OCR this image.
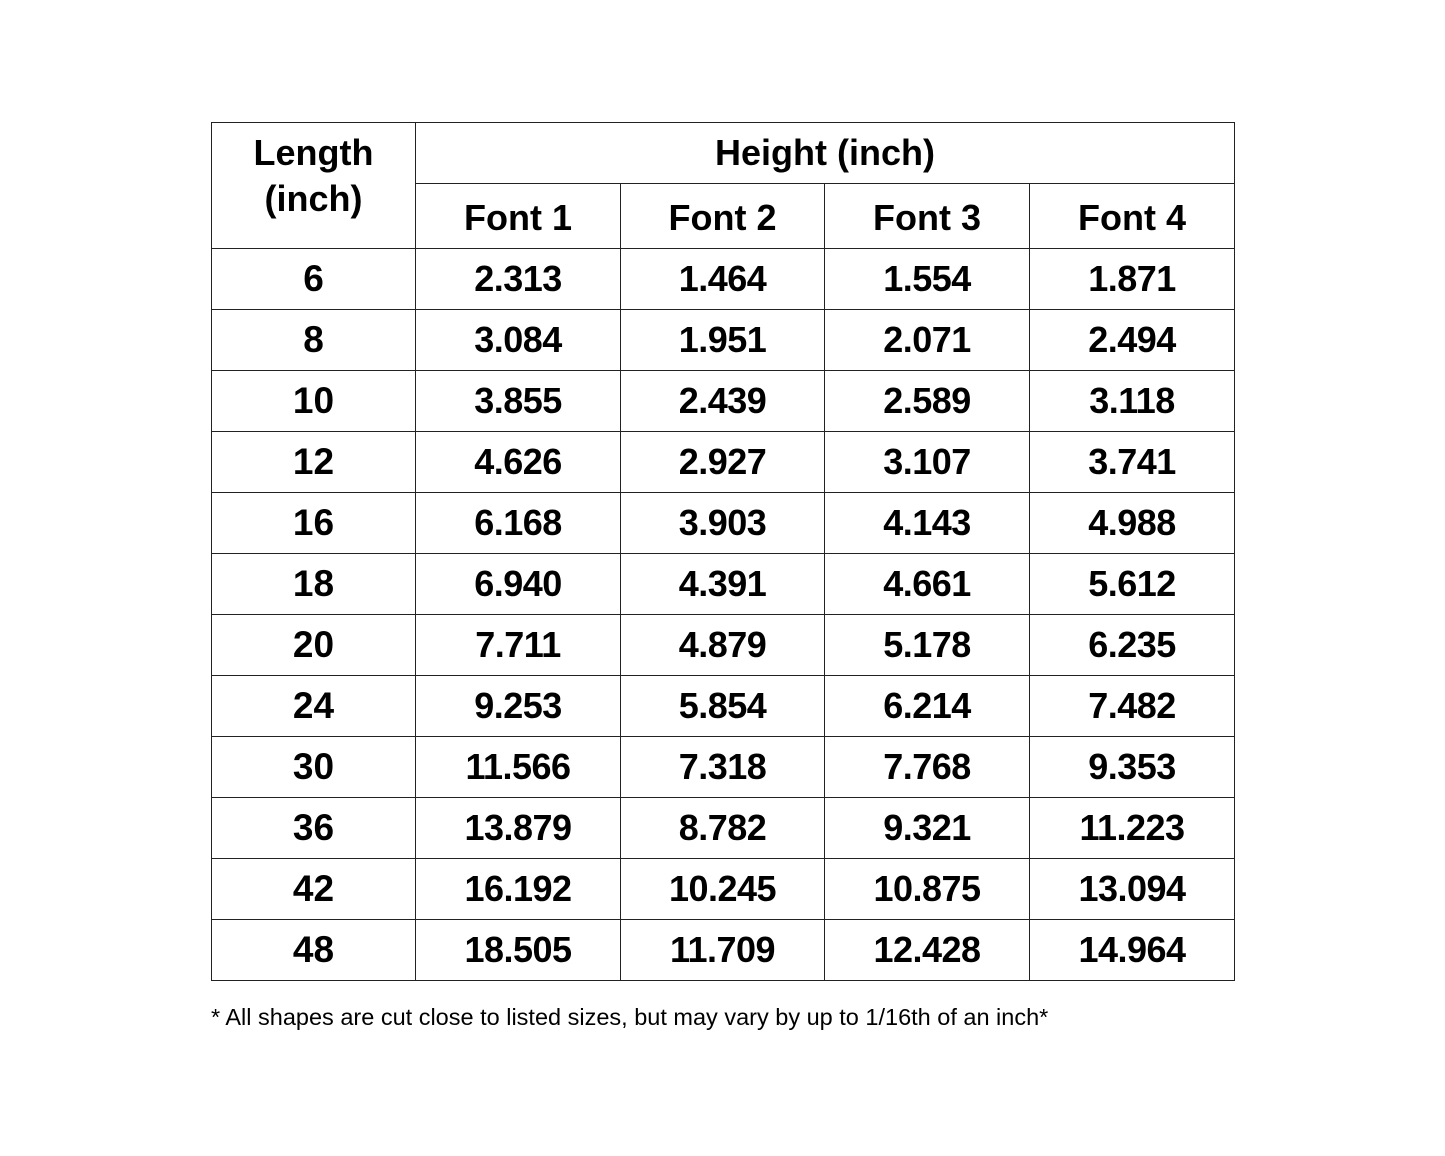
Length
(inch)	Height (inch)			
	Font 1	Font 2	Font 3	Font 4
6	2.313	1.464	1.554	1.871
8	3.084	1.951	2.071	2.494
10	3.855	2.439	2.589	3.118
12	4.626	2.927	3.107	3.741
16	6.168	3.903	4.143	4.988
18	6.940	4.391	4.661	5.612
20	7.711	4.879	5.178	6.235
24	9.253	5.854	6.214	7.482
30	11.566	7.318	7.768	9.353
36	13.879	8.782	9.321	11.223
42	16.192	10.245	10.875	13.094
48	18.505	11.709	12.428	14.964
* All shapes are cut close to listed sizes, but may vary by up to 1/16th of an inch*
